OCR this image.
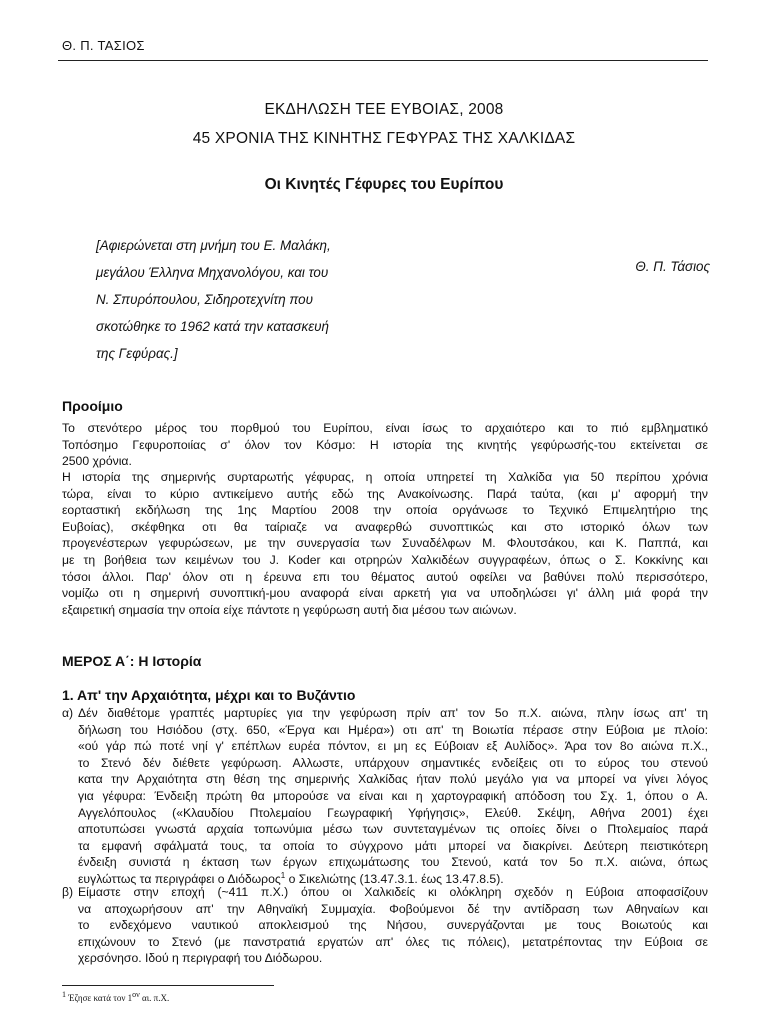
Θ. Π. ΤΑΣΙΟΣ
ΕΚΔΗΛΩΣΗ ΤΕΕ ΕΥΒΟΙΑΣ, 2008
45 ΧΡΟΝΙΑ ΤΗΣ ΚΙΝΗΤΗΣ ΓΕΦΥΡΑΣ ΤΗΣ ΧΑΛΚΙΔΑΣ
Οι Κινητές Γέφυρες του Ευρίπου

[Αφιερώνεται στη μνήμη του Ε. Μαλάκη,
μεγάλου Έλληνα Μηχανολόγου, και του
Ν. Σπυρόπουλου, Σιδηροτεχνίτη που
σκοτώθηκε το 1962 κατά την κατασκευή
της Γεφύρας.]

Θ. Π. Τάσιος
Προοίμιο

Το στενότερο μέρος του πορθμού του Ευρίπου, είναι ίσως το αρχαιότερο και το πιό εμβληματικό
Τοπόσημο Γεφυροποιίας σ' όλον τον Κόσμο: Η ιστορία της κινητής γεφύρωσής-του εκτείνεται σε
2500 χρόνια.

Η ιστορία της σημερινής συρταρωτής γέφυρας, η οποία υπηρετεί τη Χαλκίδα για 50 περίπου χρόνια
τώρα, είναι το κύριο αντικείμενο αυτής εδώ της Ανακοίνωσης. Παρά ταύτα, (και μ' αφορμή την
εορταστική εκδήλωση της 1ης Μαρτίου 2008 την οποία οργάνωσε το Τεχνικό Επιμελητήριο της
Ευβοίας), σκέφθηκα οτι θα ταίριαζε να αναφερθώ συνοπτικώς και στο ιστορικό όλων των
προγενέστερων γεφυρώσεων, με την συνεργασία των Συναδέλφων Μ. Φλουτσάκου, και Κ. Παππά, και
με τη βοήθεια των κειμένων του J. Koder και οτρηρών Χαλκιδέων συγγραφέων, όπως ο Σ. Κοκκίνης και
τόσοι άλλοι. Παρ' όλον οτι η έρευνα επι του θέματος αυτού οφείλει να βαθύνει πολύ περισσότερο,
νομίζω οτι η σημερινή συνοπτική-μου αναφορά είναι αρκετή για να υποδηλώσει γι' άλλη μιά φορά την
εξαιρετική σημασία την οποία είχε πάντοτε η γεφύρωση αυτή δια μέσου των αιώνων.

ΜΕΡΟΣ Α΄: Η Ιστορία
1. Απ' την Αρχαιότητα, μέχρι και το Βυζάντιο
α) Δέν διαθέτομε γραπτές μαρτυρίες για την γεφύρωση πρίν απ' τον 5ο π.Χ. αιώνα, πλην ίσως απ' τη
δήλωση του Ησιόδου (στχ. 650, «Έργα και Ημέρα») οτι απ' τη Βοιωτία πέρασε στην Εύβοια με πλοίο:
«ού γάρ πώ ποτέ νηί γ' επέπλων ευρέα πόντον, ει μη ες Εύβοιαν εξ Αυλίδος». Άρα τον 8ο αιώνα π.Χ.,
το Στενό δέν διέθετε γεφύρωση. Αλλωστε, υπάρχουν σημαντικές ενδείξεις οτι το εύρος του στενού
κατα την Αρχαιότητα στη θέση της σημερινής Χαλκίδας ήταν πολύ μεγάλο για να μπορεί να γίνει λόγος
για γέφυρα: Ένδειξη πρώτη θα μπορούσε να είναι και η χαρτογραφική απόδοση του Σχ. 1, όπου ο Α.
Αγγελόπουλος («Κλαυδίου Πτολεμαίου Γεωγραφική Υφήγησις», Ελεύθ. Σκέψη, Αθήνα 2001) έχει
αποτυπώσει γνωστά αρχαία τοπωνύμια μέσω των συντεταγμένων τις οποίες δίνει ο Πτολεμαίος παρά
τα εμφανή σφάλματά τους, τα οποία το σύγχρονο μάτι μπορεί να διακρίνει. Δεύτερη πειστικότερη
ένδειξη συνιστά η έκταση των έργων επιχωμάτωσης του Στενού, κατά τον 5ο π.Χ. αιώνα, όπως
ευγλώττως τα περιγράφει ο Διόδωρος$^1$ ο Σικελιώτης (13.47.3.1. έως 13.47.8.5).
β) Είμαστε στην εποχή (~411 π.Χ.) όπου οι Χαλκιδείς κι ολόκληρη σχεδόν η Εύβοια αποφασίζουν
να αποχωρήσουν απ' την Αθηναϊκή Συμμαχία. Φοβούμενοι δέ την αντίδραση των Αθηναίων και
το ενδεχόμενο ναυτικού αποκλεισμού της Νήσου, συνεργάζονται με τους Βοιωτούς και
επιχώνουν το Στενό (με πανστρατιά εργατών απ' όλες τις πόλεις), μετατρέποντας την Εύβοια σε
χερσόνησο. Ιδού η περιγραφή του Διόδωρου.
$^1$ Έζησε κατά τον $1^{o\nu}$ αι. π.Χ.
